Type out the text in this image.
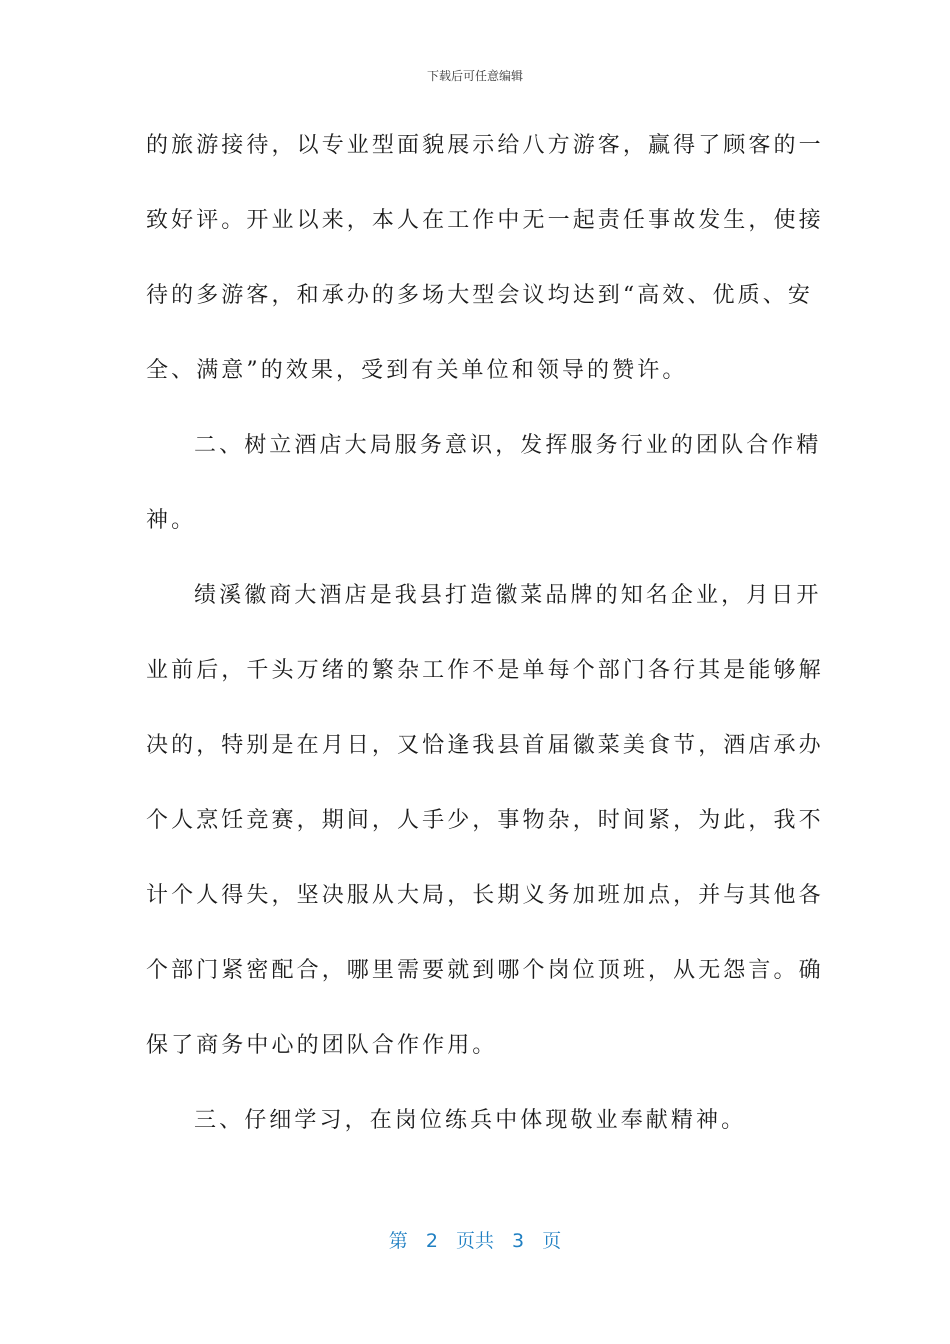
下载后可任意编辑
的旅游接待，以专业型面貌展示给八方游客，赢得了顾客的一
致好评。开业以来，本人在工作中无一起责任事故发生，使接
待的多游客，和承办的多场大型会议均达到“高效、优质、安
全、满意”的效果，受到有关单位和领导的赞许。
二、树立酒店大局服务意识，发挥服务行业的团队合作精
神。
绩溪徽商大酒店是我县打造徽菜品牌的知名企业，月日开
业前后，千头万绪的繁杂工作不是单每个部门各行其是能够解
决的，特别是在月日，又恰逢我县首届徽菜美食节，酒店承办
个人烹饪竞赛，期间，人手少，事物杂，时间紧，为此，我不
计个人得失，坚决服从大局，长期义务加班加点，并与其他各
个部门紧密配合，哪里需要就到哪个岗位顶班，从无怨言。确
保了商务中心的团队合作作用。
三、仔细学习，在岗位练兵中体现敬业奉献精神。
第 2 页共 3 页
